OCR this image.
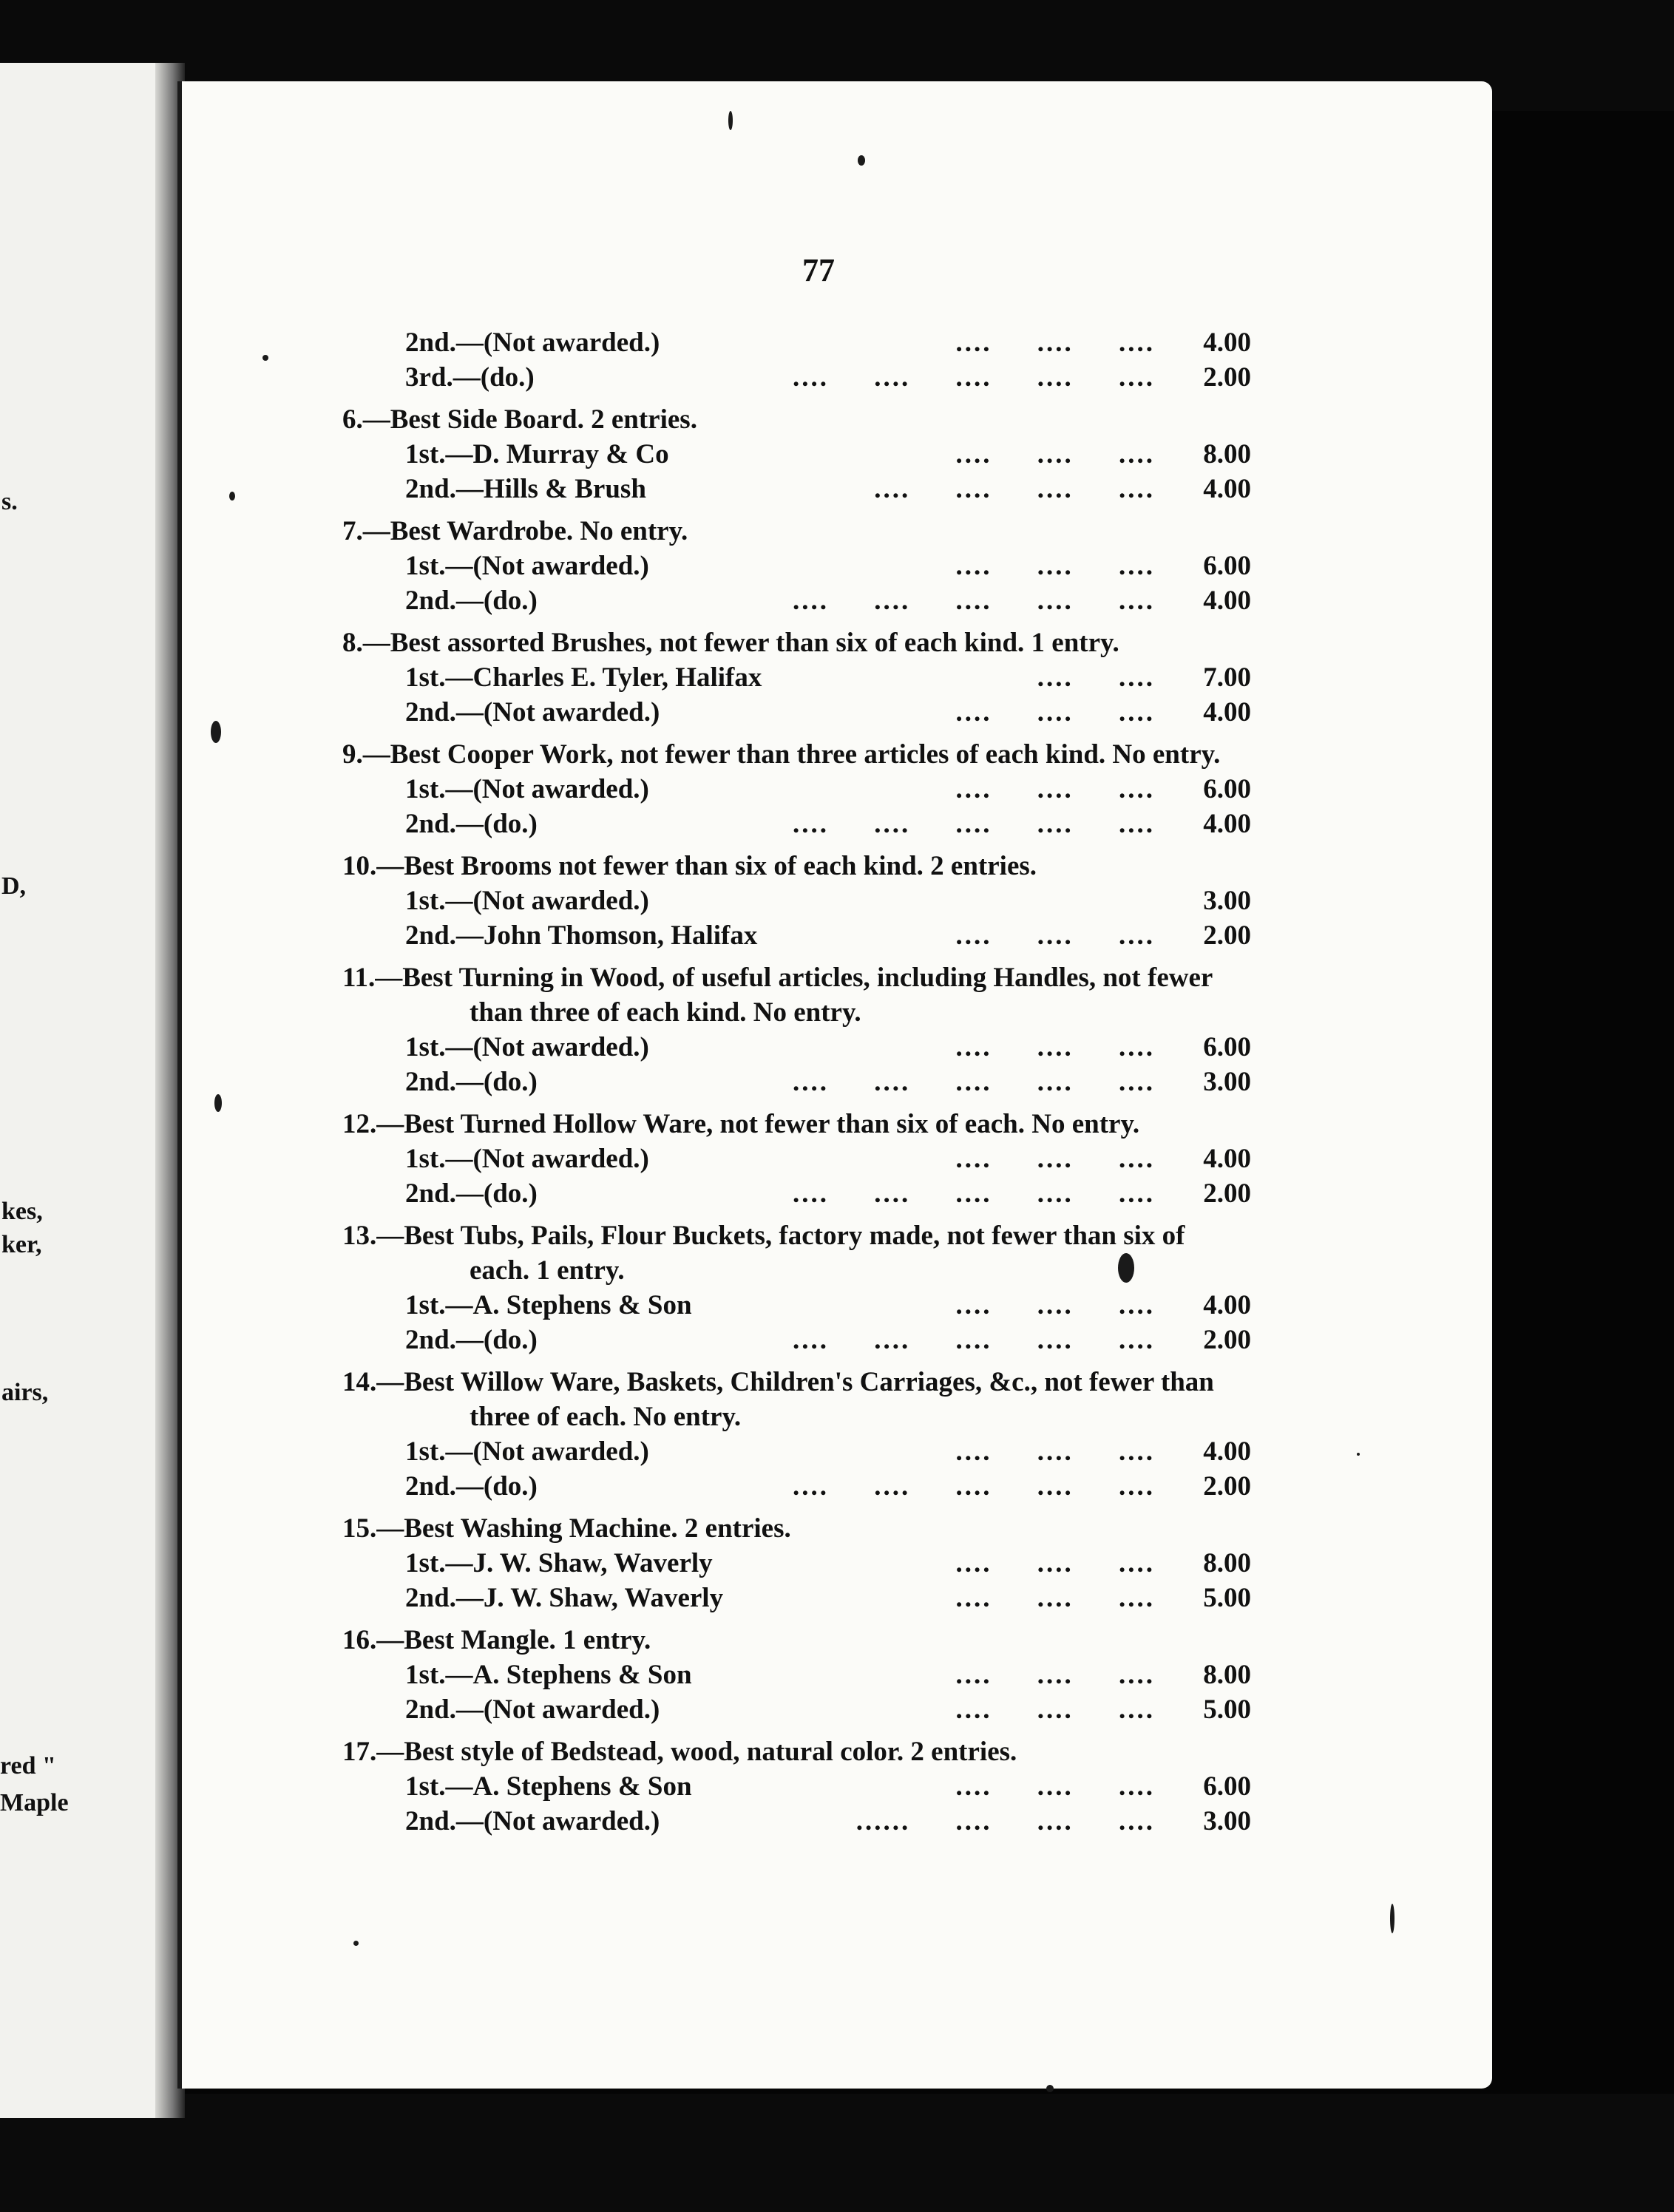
s.
D,
kes,
ker,
airs,
red "
Maple
77
2nd.—(Not awarded.)	....     ....     .... 4.00
3rd.—(do.)	....     ....     ....     ....     .... 2.00
6.—Best Side Board. 2 entries.
1st.—D. Murray & Co	....     ....     .... 8.00
2nd.—Hills & Brush	....     ....     ....     .... 4.00
7.—Best Wardrobe. No entry.
1st.—(Not awarded.)	....     ....     .... 6.00
2nd.—(do.)	....     ....     ....     ....     .... 4.00
8.—Best assorted Brushes, not fewer than six of each kind. 1 entry.
1st.—Charles E. Tyler, Halifax	....     .... 7.00
2nd.—(Not awarded.)	....     ....     .... 4.00
9.—Best Cooper Work, not fewer than three articles of each kind. No entry.
1st.—(Not awarded.)	....     ....     .... 6.00
2nd.—(do.)	....     ....     ....     ....     .... 4.00
10.—Best Brooms not fewer than six of each kind. 2 entries.
1st.—(Not awarded.)	3.00
2nd.—John Thomson, Halifax	....     ....     .... 2.00
11.—Best Turning in Wood, of useful articles, including Handles, not fewer
than three of each kind. No entry.
1st.—(Not awarded.)	....     ....     .... 6.00
2nd.—(do.)	....     ....     ....     ....     .... 3.00
12.—Best Turned Hollow Ware, not fewer than six of each. No entry.
1st.—(Not awarded.)	....     ....     .... 4.00
2nd.—(do.)	....     ....     ....     ....     .... 2.00
13.—Best Tubs, Pails, Flour Buckets, factory made, not fewer than six of
each. 1 entry.
1st.—A. Stephens & Son	....     ....     .... 4.00
2nd.—(do.)	....     ....     ....     ....     .... 2.00
14.—Best Willow Ware, Baskets, Children's Carriages, &c., not fewer than
three of each. No entry.
1st.—(Not awarded.)	....     ....     .... 4.00
2nd.—(do.)	....     ....     ....     ....     .... 2.00
15.—Best Washing Machine. 2 entries.
1st.—J. W. Shaw, Waverly	....     ....     .... 8.00
2nd.—J. W. Shaw, Waverly	....     ....     .... 5.00
16.—Best Mangle. 1 entry.
1st.—A. Stephens & Son	....     ....     .... 8.00
2nd.—(Not awarded.)	....     ....     .... 5.00
17.—Best style of Bedstead, wood, natural color. 2 entries.
1st.—A. Stephens & Son	....     ....     .... 6.00
2nd.—(Not awarded.)	......     ....     ....     .... 3.00
